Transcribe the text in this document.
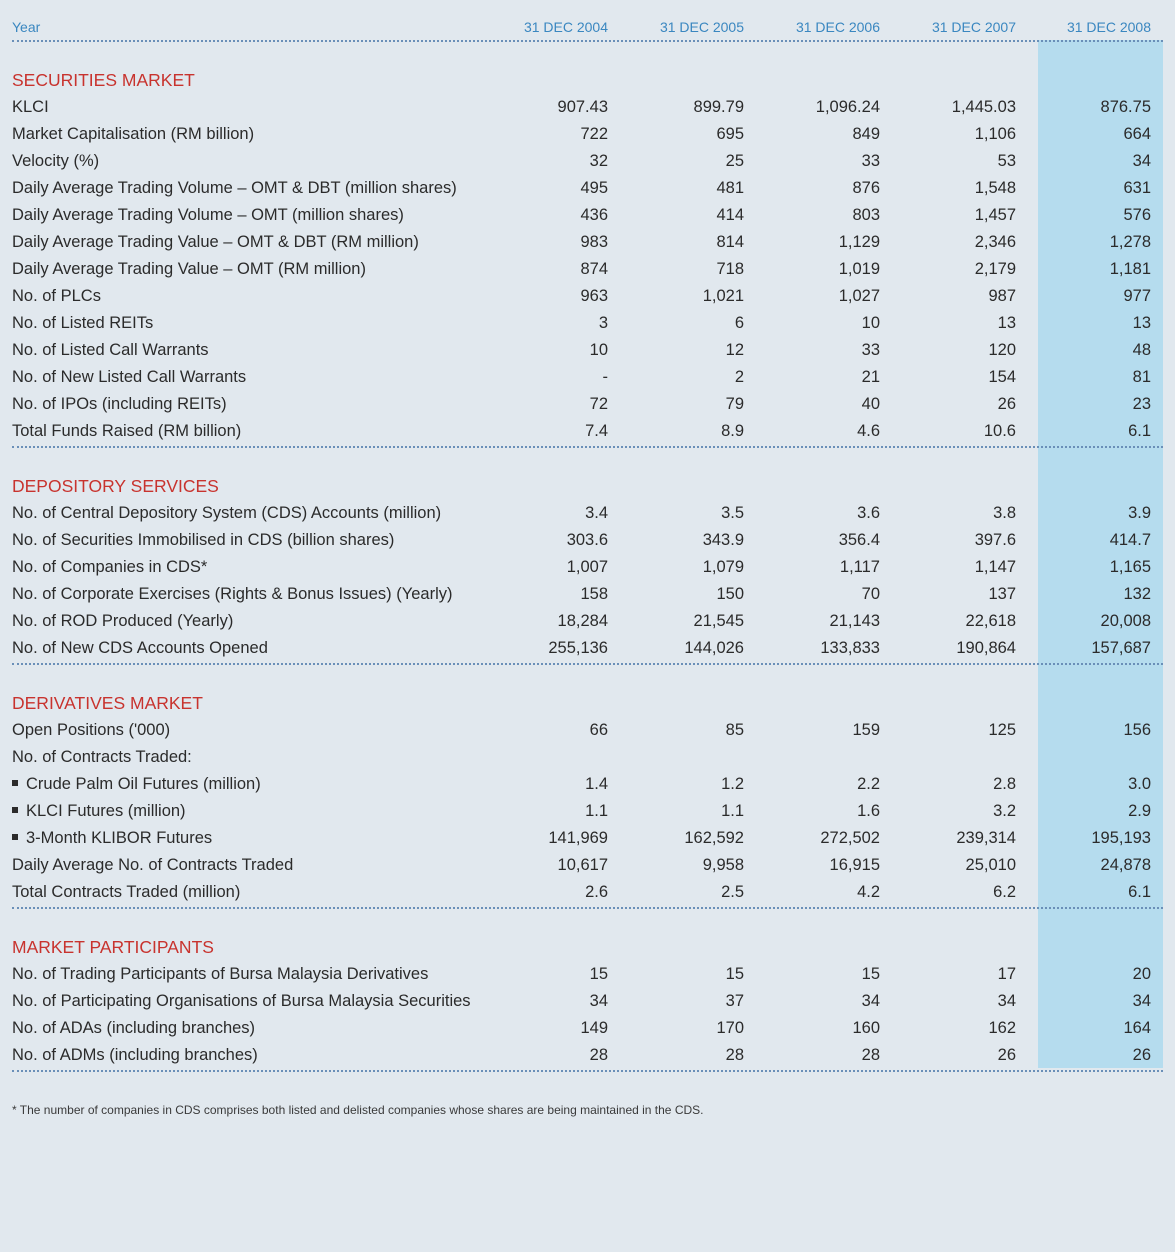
Year	31 DEC 2004	31 DEC 2005	31 DEC 2006	31 DEC 2007	31 DEC 2008
SECURITIES MARKET
KLCI	907.43	899.79	1,096.24	1,445.03	876.75
Market Capitalisation (RM billion)	722	695	849	1,106	664
Velocity (%)	32	25	33	53	34
Daily Average Trading Volume – OMT & DBT (million shares)	495	481	876	1,548	631
Daily Average Trading Volume – OMT (million shares)	436	414	803	1,457	576
Daily Average Trading Value – OMT & DBT (RM million)	983	814	1,129	2,346	1,278
Daily Average Trading Value – OMT (RM million)	874	718	1,019	2,179	1,181
No. of PLCs	963	1,021	1,027	987	977
No. of Listed REITs	3	6	10	13	13
No. of Listed Call Warrants	10	12	33	120	48
No. of New Listed Call Warrants	-	2	21	154	81
No. of IPOs (including REITs)	72	79	40	26	23
Total Funds Raised (RM billion)	7.4	8.9	4.6	10.6	6.1
DEPOSITORY SERVICES
No. of Central Depository System (CDS) Accounts (million)	3.4	3.5	3.6	3.8	3.9
No. of Securities Immobilised in CDS (billion shares)	303.6	343.9	356.4	397.6	414.7
No. of Companies in CDS*	1,007	1,079	1,117	1,147	1,165
No. of Corporate Exercises (Rights & Bonus Issues) (Yearly)	158	150	70	137	132
No. of ROD Produced (Yearly)	18,284	21,545	21,143	22,618	20,008
No. of New CDS Accounts Opened	255,136	144,026	133,833	190,864	157,687
DERIVATIVES MARKET
Open Positions ('000)	66	85	159	125	156
No. of Contracts Traded:
Crude Palm Oil Futures (million)	1.4	1.2	2.2	2.8	3.0
KLCI Futures (million)	1.1	1.1	1.6	3.2	2.9
3-Month KLIBOR Futures	141,969	162,592	272,502	239,314	195,193
Daily Average No. of Contracts Traded	10,617	9,958	16,915	25,010	24,878
Total Contracts Traded (million)	2.6	2.5	4.2	6.2	6.1
MARKET PARTICIPANTS
No. of Trading Participants of Bursa Malaysia Derivatives	15	15	15	17	20
No. of Participating Organisations of Bursa Malaysia Securities	34	37	34	34	34
No. of ADAs (including branches)	149	170	160	162	164
No. of ADMs (including branches)	28	28	28	26	26
* The number of companies in CDS comprises both listed and delisted companies whose shares are being maintained in the CDS.
